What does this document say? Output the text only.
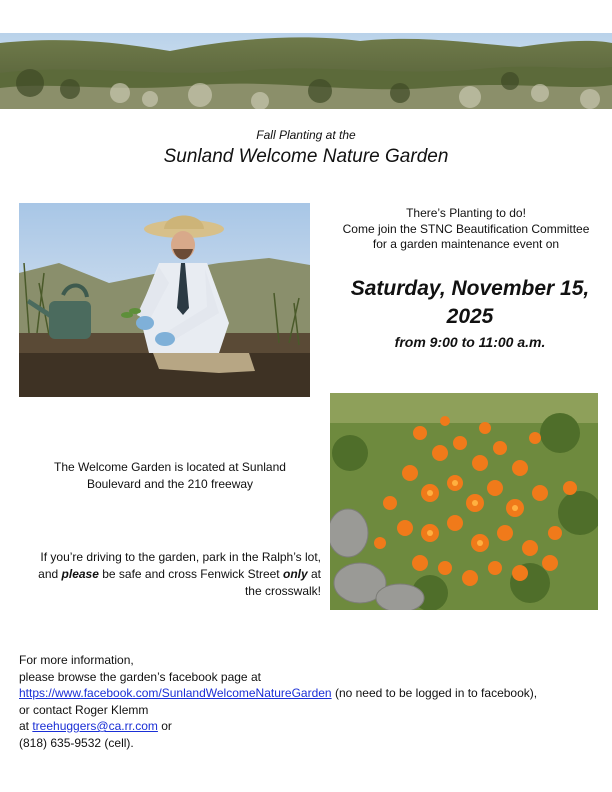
Fall Planting at the
Sunland Welcome Nature Garden
There’s Planting to do!
Come join the STNC Beautification Committee
for a garden maintenance event on
Saturday, November 15,
2025
from 9:00 to 11:00 a.m.
The Welcome Garden is located at Sunland
Boulevard and the 210 freeway
If you’re driving to the garden, park in the Ralph’s lot, and please be safe and cross Fenwick Street only at the crosswalk!
For more information,
please browse the garden’s facebook page at
https://www.facebook.com/SunlandWelcomeNatureGarden (no need to be logged in to facebook),
or contact Roger Klemm
at treehuggers@ca.rr.com or
(818) 635-9532 (cell).
